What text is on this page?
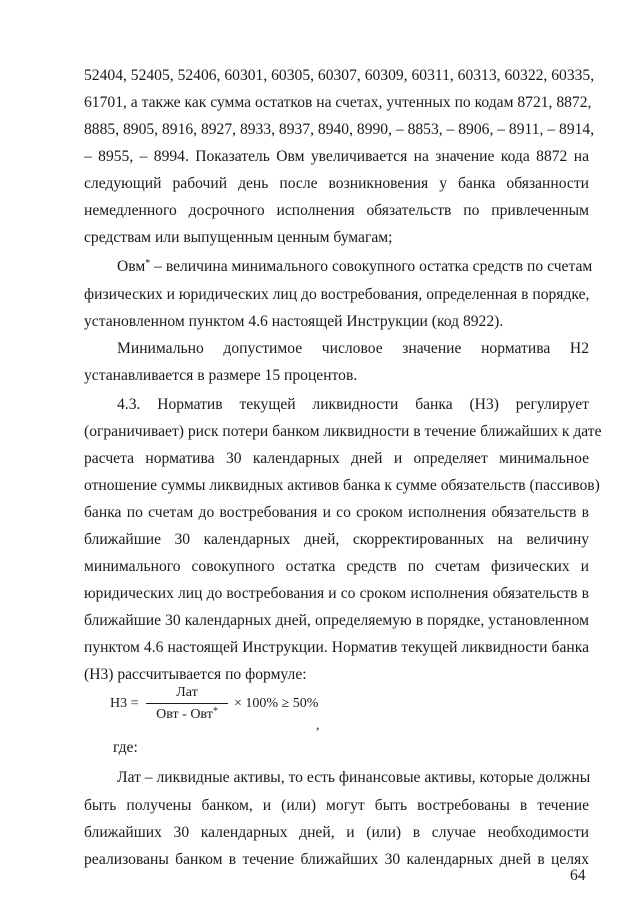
52404, 52405, 52406, 60301, 60305, 60307, 60309, 60311, 60313, 60322, 60335,
61701, а также как сумма остатков на счетах, учтенных по кодам 8721, 8872,
8885, 8905, 8916, 8927, 8933, 8937, 8940, 8990, – 8853, – 8906, – 8911, – 8914,
– 8955, – 8994. Показатель Овм увеличивается на значение кода 8872 на
следующий рабочий день после возникновения у банка обязанности
немедленного досрочного исполнения обязательств по привлеченным
средствам или выпущенным ценным бумагам;
Овм* – величина минимального совокупного остатка средств по счетам
физических и юридических лиц до востребования, определенная в порядке,
установленном пунктом 4.6 настоящей Инструкции (код 8922).
Минимально допустимое числовое значение норматива Н2
устанавливается в размере 15 процентов.
4.3. Норматив текущей ликвидности банка (Н3) регулирует
(ограничивает) риск потери банком ликвидности в течение ближайших к дате
расчета норматива 30 календарных дней и определяет минимальное
отношение суммы ликвидных активов банка к сумме обязательств (пассивов)
банка по счетам до востребования и со сроком исполнения обязательств в
ближайшие 30 календарных дней, скорректированных на величину
минимального совокупного остатка средств по счетам физических и
юридических лиц до востребования и со сроком исполнения обязательств в
ближайшие 30 календарных дней, определяемую в порядке, установленном
пунктом 4.6 настоящей Инструкции. Норматив текущей ликвидности банка
(Н3) рассчитывается по формуле:
Н3 =
Лат
Овт - Овт*
× 100% ≥ 50%
,
где:
Лат – ликвидные активы, то есть финансовые активы, которые должны
быть получены банком, и (или) могут быть востребованы в течение
ближайших 30 календарных дней, и (или) в случае необходимости
реализованы банком в течение ближайших 30 календарных дней в целях
64
